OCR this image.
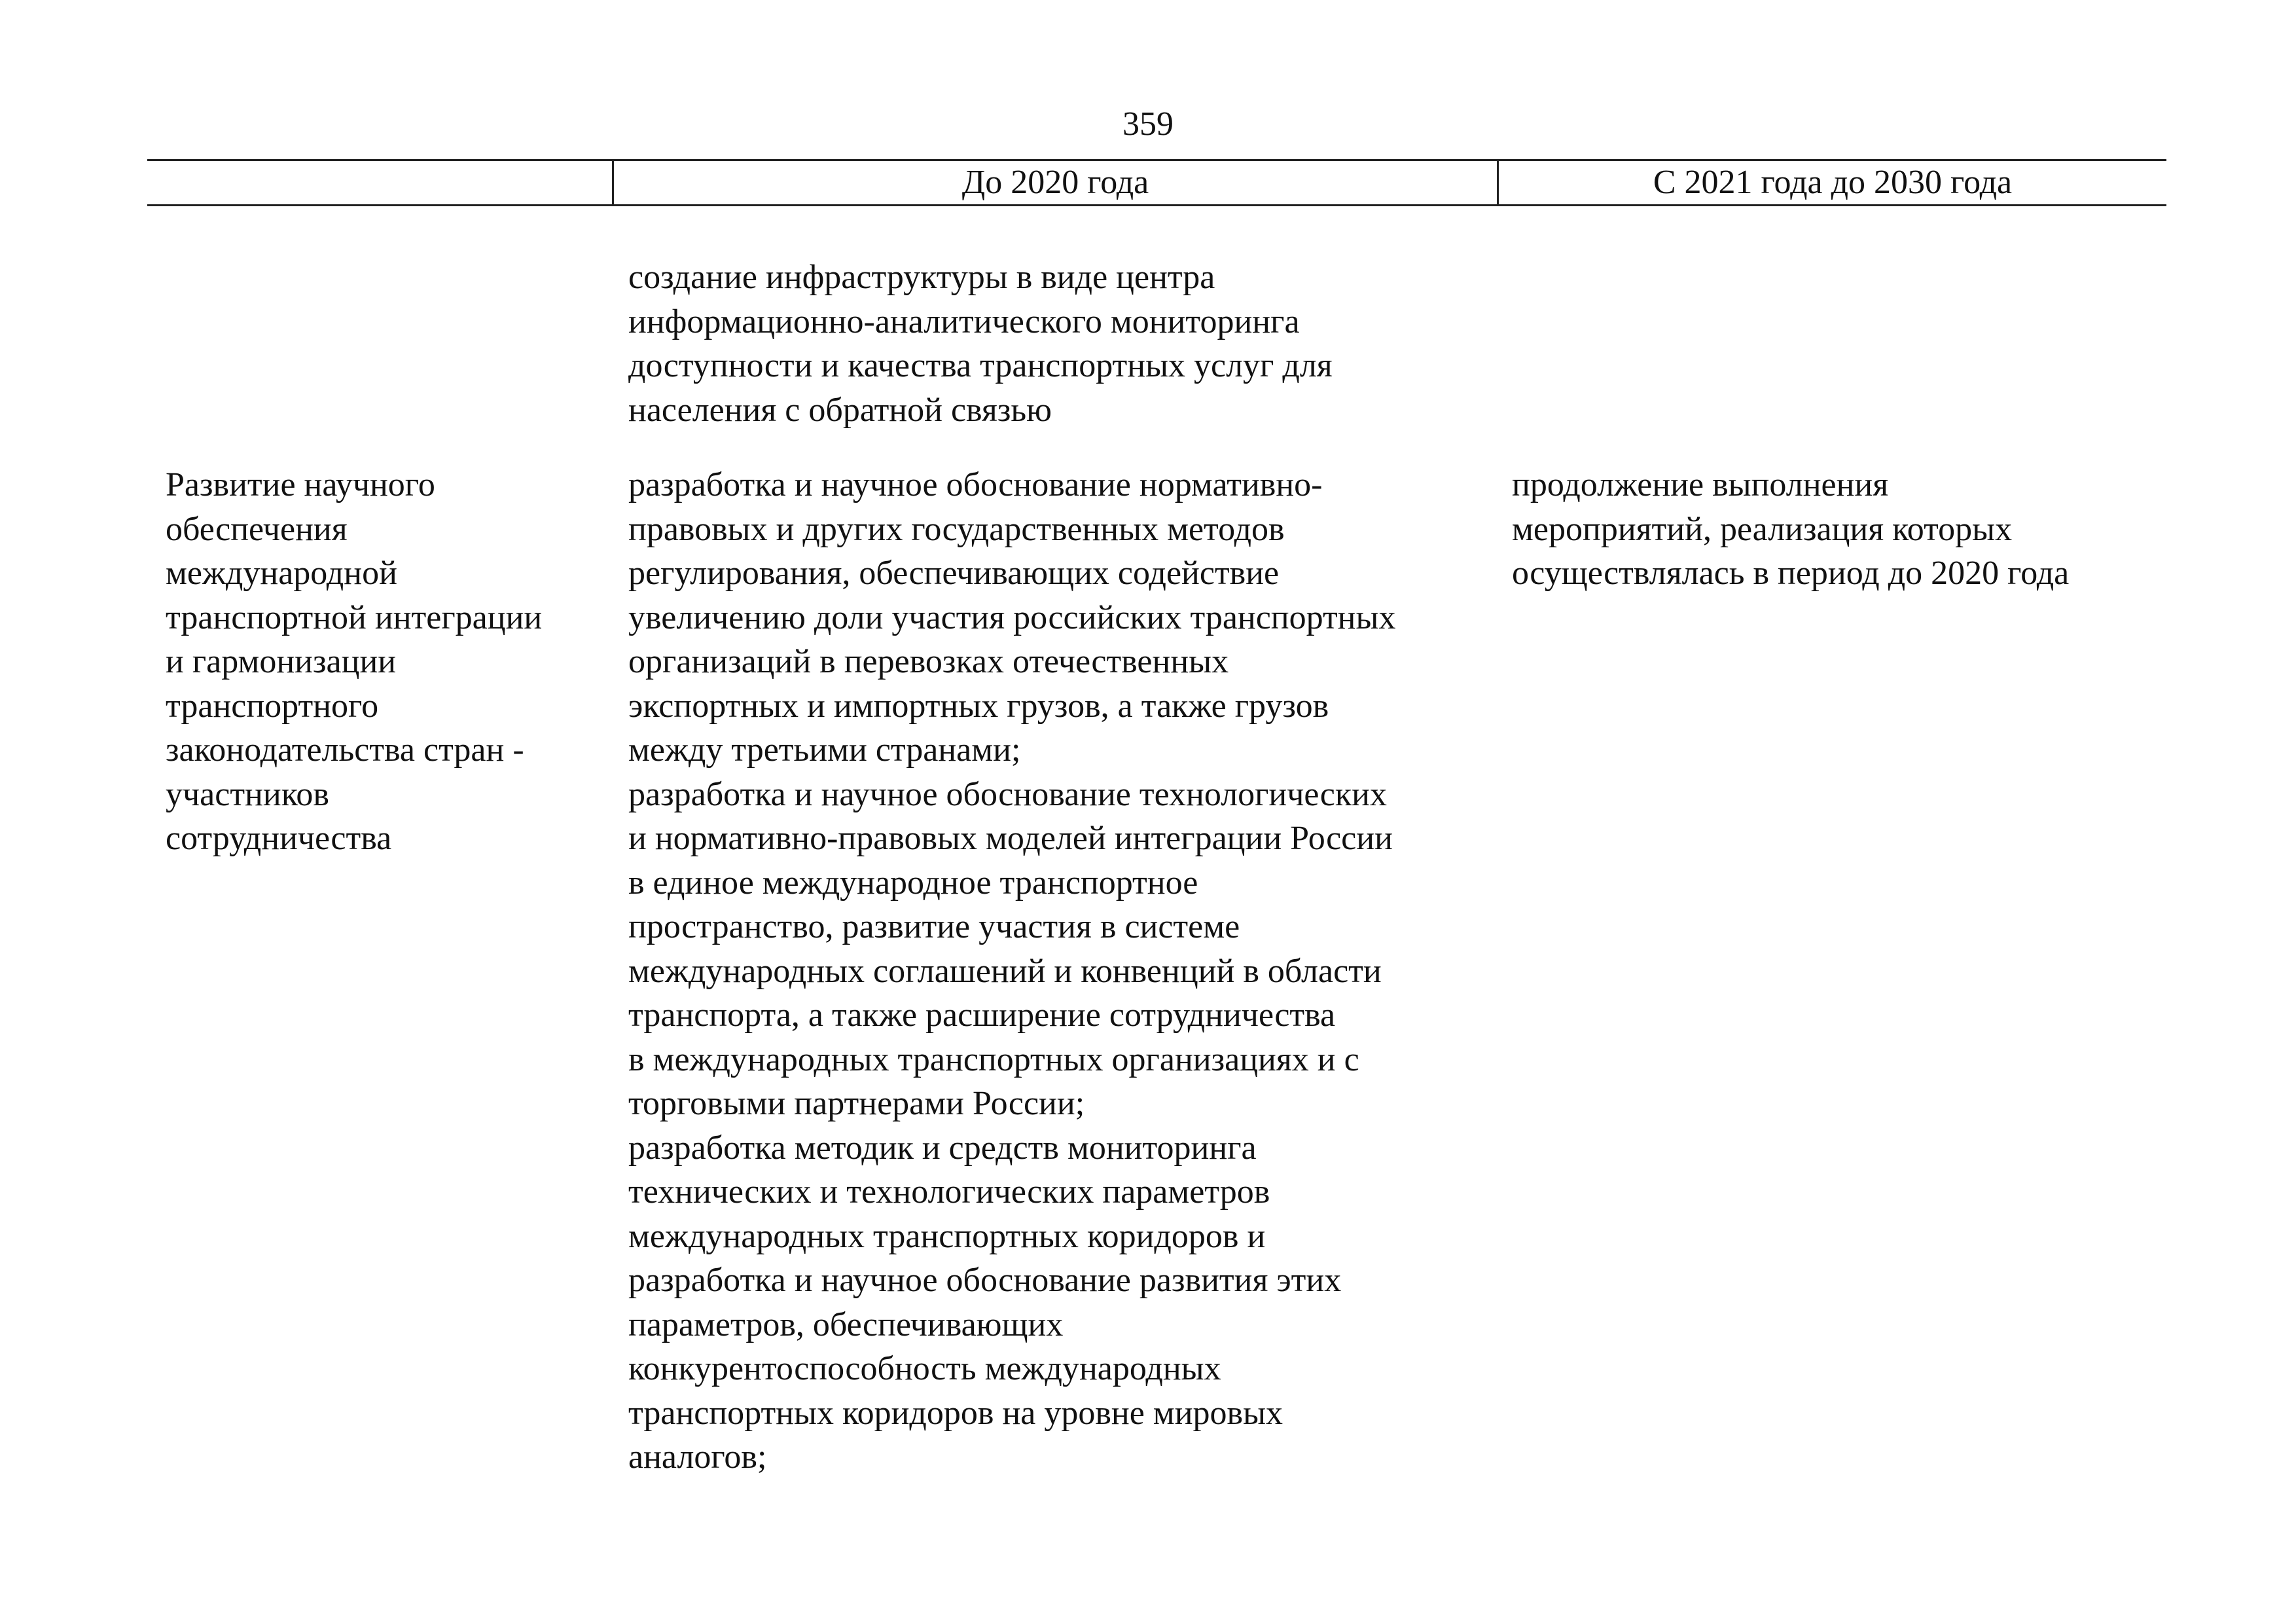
359
До 2020 года	С 2021 года до 2030 года
создание инфраструктуры в виде центра
информационно-аналитического мониторинга
доступности и качества транспортных услуг для
населения с обратной связью
Развитие научного
обеспечения
международной
транспортной интеграции
и гармонизации
транспортного
законодательства стран -
участников
сотрудничества
разработка и научное обоснование нормативно-
правовых и других государственных методов
регулирования, обеспечивающих содействие
увеличению доли участия российских транспортных
организаций в перевозках отечественных
экспортных и импортных грузов, а также грузов
между третьими странами;
разработка и научное обоснование технологических
и нормативно-правовых моделей интеграции России
в единое международное транспортное
пространство, развитие участия в системе
международных соглашений и конвенций в области
транспорта, а также расширение сотрудничества
в международных транспортных организациях и с
торговыми партнерами России;
разработка методик и средств мониторинга
технических и технологических параметров
международных транспортных коридоров и
разработка и научное обоснование развития этих
параметров, обеспечивающих
конкурентоспособность международных
транспортных коридоров на уровне мировых
аналогов;
продолжение выполнения
мероприятий, реализация которых
осуществлялась в период до 2020 года
